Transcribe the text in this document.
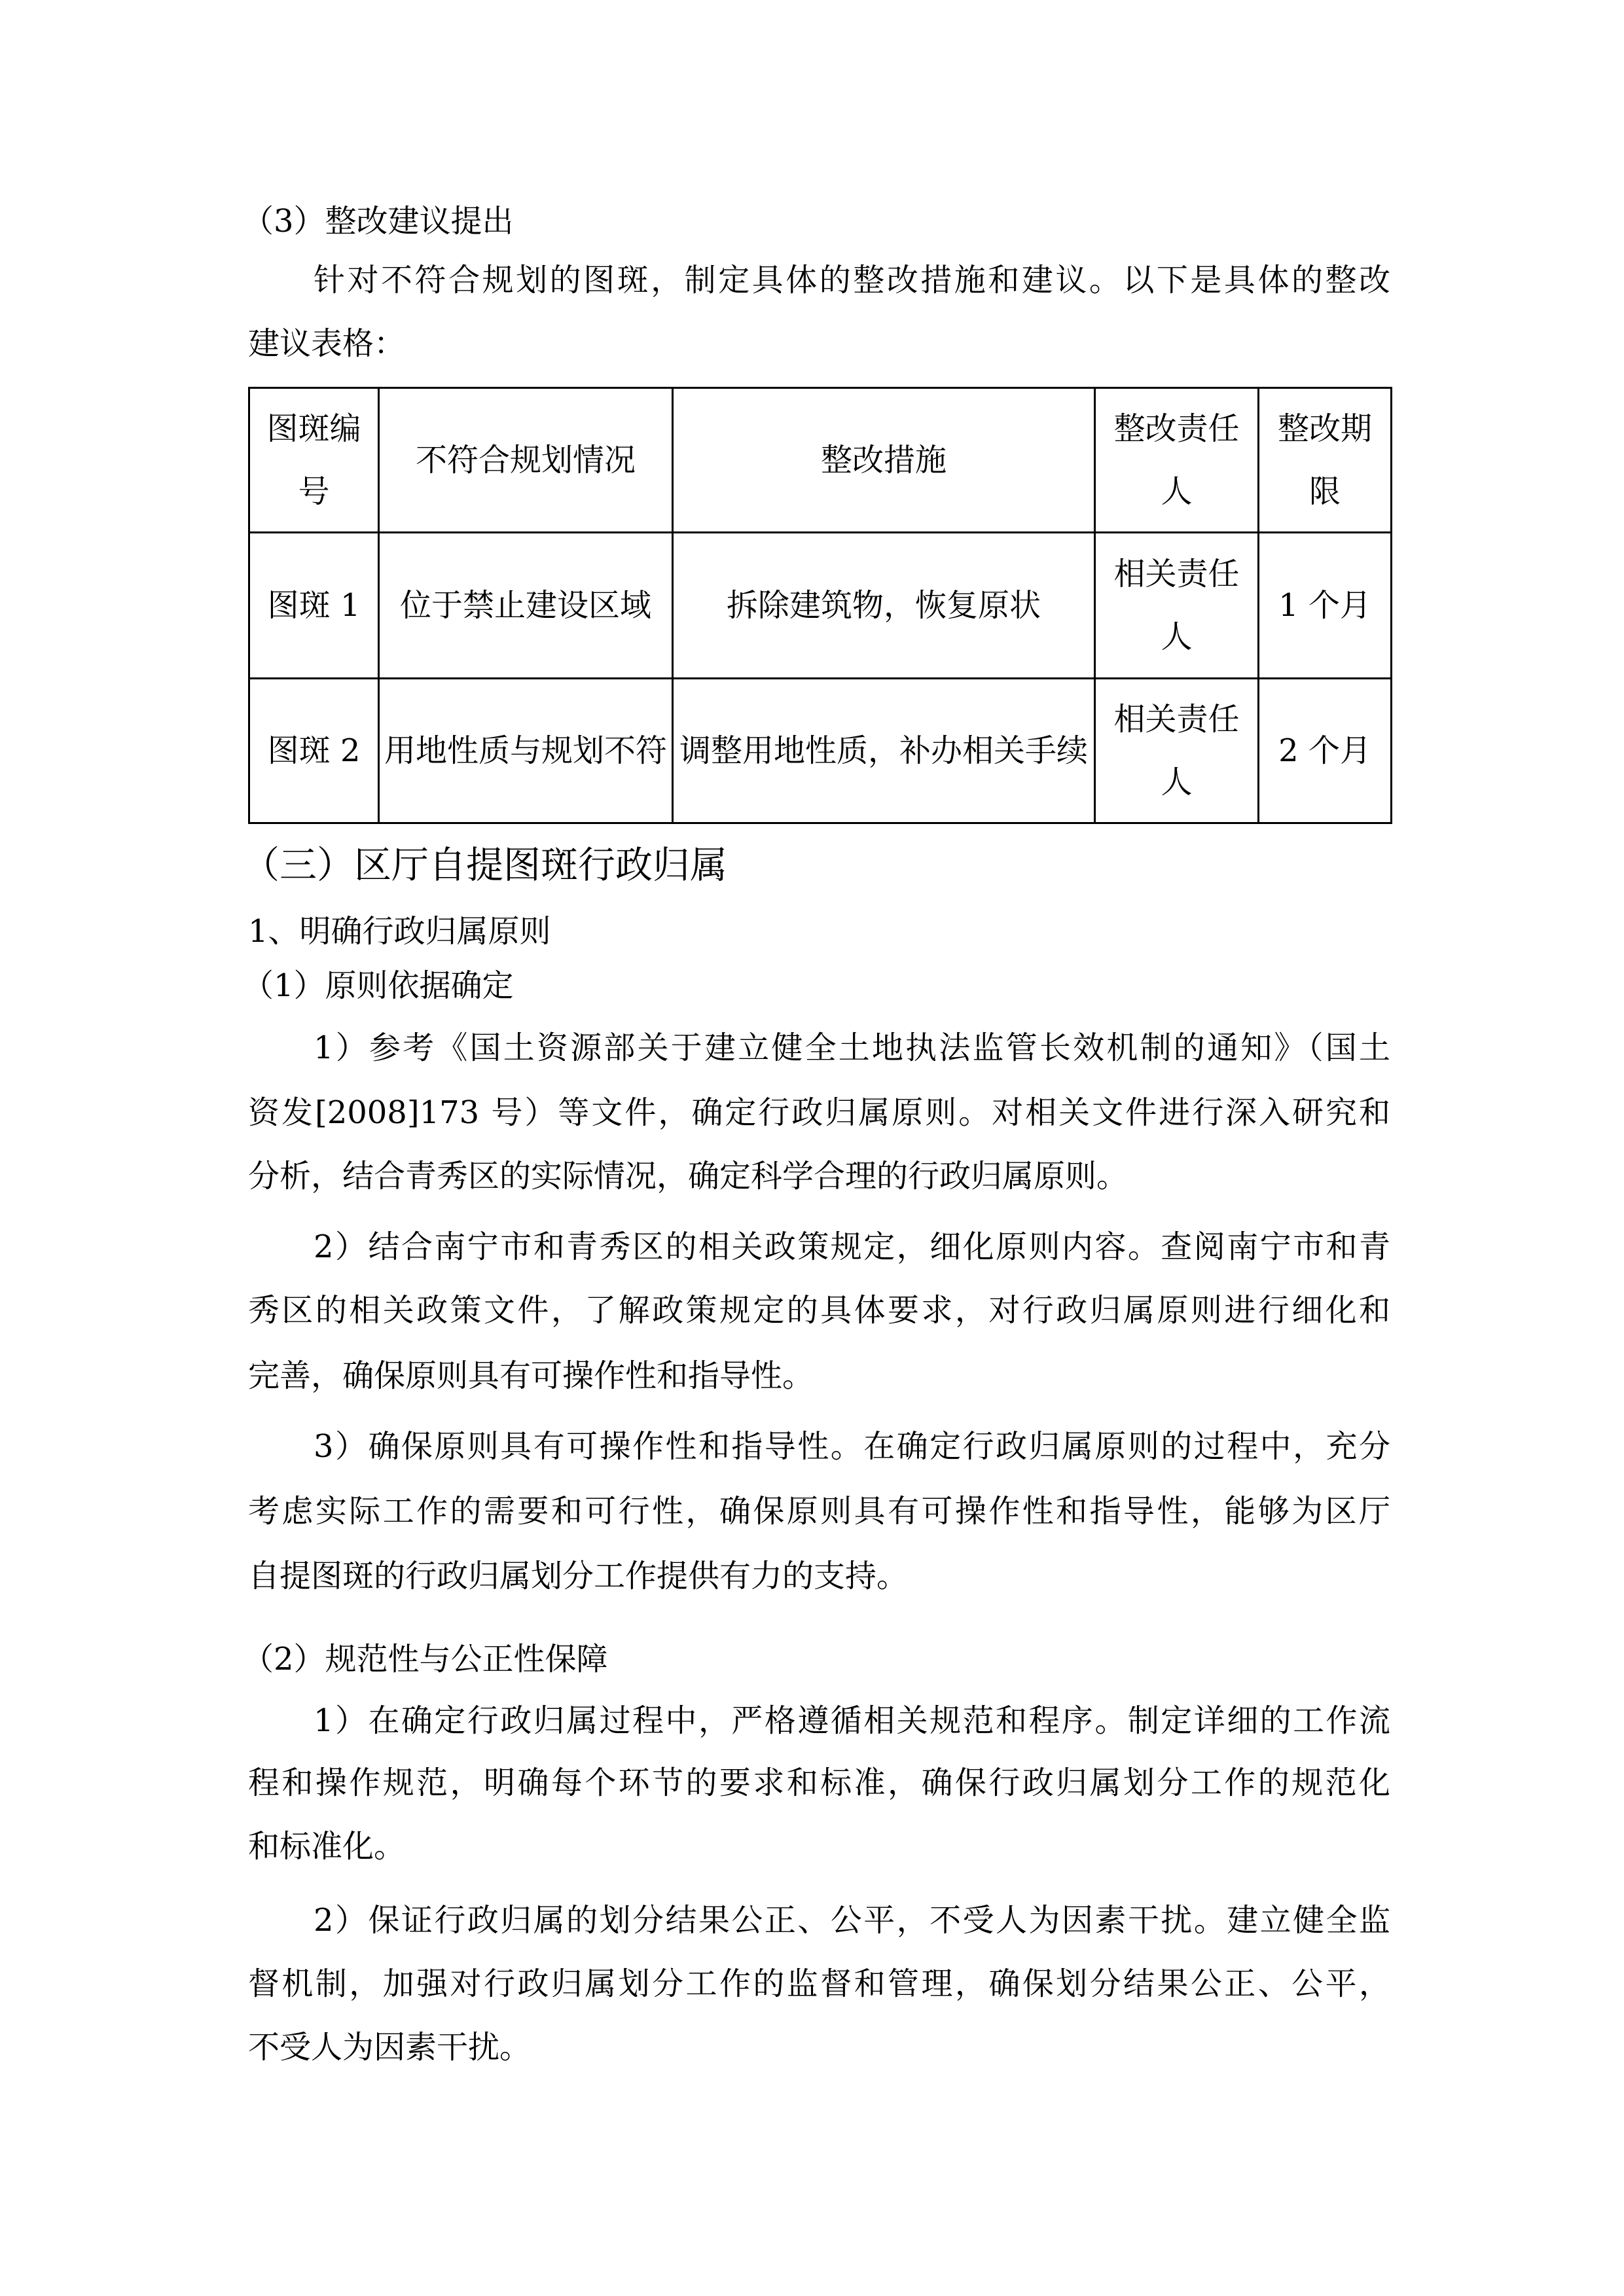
（3）整改建议提出
针对不符合规划的图斑，制定具体的整改措施和建议。以下是具体的整改
建议表格：
图斑编号	不符合规划情况	整改措施	整改责任人	整改期限
图斑 1	位于禁止建设区域	拆除建筑物，恢复原状	相关责任人	1 个月
图斑 2	用地性质与规划不符	调整用地性质，补办相关手续	相关责任人	2 个月
（三）区厅自提图斑行政归属
1、明确行政归属原则
（1）原则依据确定
1）参考《国土资源部关于建立健全土地执法监管长效机制的通知》（国土
资发[2008]173 号）等文件，确定行政归属原则。对相关文件进行深入研究和
分析，结合青秀区的实际情况，确定科学合理的行政归属原则。
2）结合南宁市和青秀区的相关政策规定，细化原则内容。查阅南宁市和青
秀区的相关政策文件，了解政策规定的具体要求，对行政归属原则进行细化和
完善，确保原则具有可操作性和指导性。
3）确保原则具有可操作性和指导性。在确定行政归属原则的过程中，充分
考虑实际工作的需要和可行性，确保原则具有可操作性和指导性，能够为区厅
自提图斑的行政归属划分工作提供有力的支持。
（2）规范性与公正性保障
1）在确定行政归属过程中，严格遵循相关规范和程序。制定详细的工作流
程和操作规范，明确每个环节的要求和标准，确保行政归属划分工作的规范化
和标准化。
2）保证行政归属的划分结果公正、公平，不受人为因素干扰。建立健全监
督机制，加强对行政归属划分工作的监督和管理，确保划分结果公正、公平，
不受人为因素干扰。
